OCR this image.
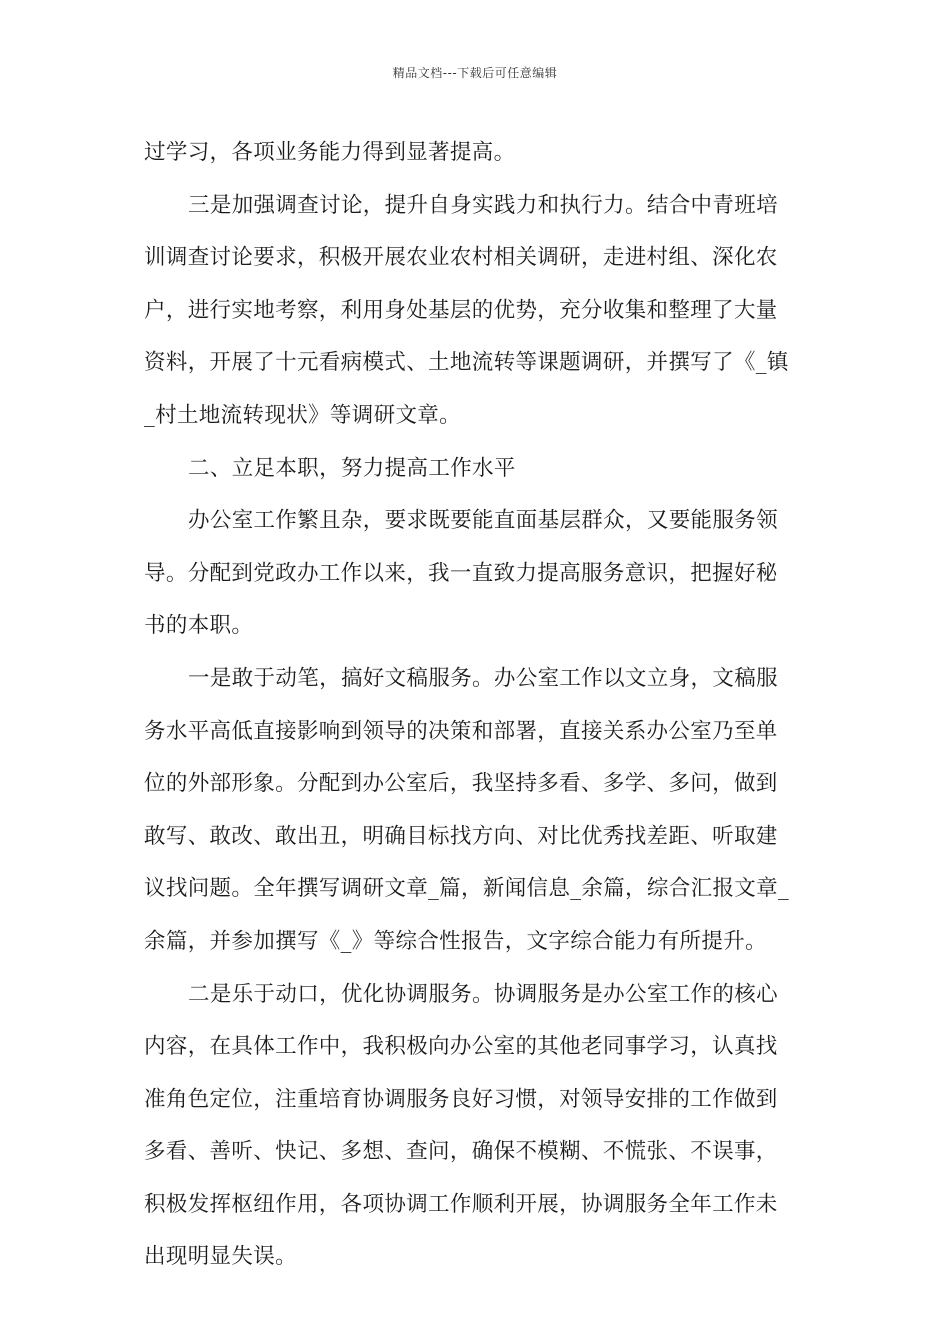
精品文档---下载后可任意编辑
过学习，各项业务能力得到显著提高。
三是加强调查讨论，提升自身实践力和执行力。结合中青班培
训调查讨论要求，积极开展农业农村相关调研，走进村组、深化农
户，进行实地考察，利用身处基层的优势，充分收集和整理了大量
资料，开展了十元看病模式、土地流转等课题调研，并撰写了《_镇
_村土地流转现状》等调研文章。
二、立足本职，努力提高工作水平
办公室工作繁且杂，要求既要能直面基层群众，又要能服务领
导。分配到党政办工作以来，我一直致力提高服务意识，把握好秘
书的本职。
一是敢于动笔，搞好文稿服务。办公室工作以文立身，文稿服
务水平高低直接影响到领导的决策和部署，直接关系办公室乃至单
位的外部形象。分配到办公室后，我坚持多看、多学、多问，做到
敢写、敢改、敢出丑，明确目标找方向、对比优秀找差距、听取建
议找问题。全年撰写调研文章_篇，新闻信息_余篇，综合汇报文章_
余篇，并参加撰写《_》等综合性报告，文字综合能力有所提升。
二是乐于动口，优化协调服务。协调服务是办公室工作的核心
内容，在具体工作中，我积极向办公室的其他老同事学习，认真找
准角色定位，注重培育协调服务良好习惯，对领导安排的工作做到
多看、善听、快记、多想、查问，确保不模糊、不慌张、不误事，
积极发挥枢纽作用，各项协调工作顺利开展，协调服务全年工作未
出现明显失误。
